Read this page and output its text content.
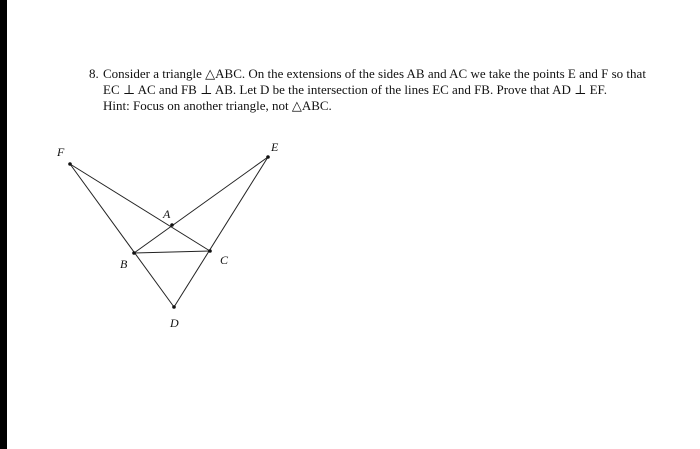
8. Consider a triangle △ABC. On the extensions of the sides AB and AC we take the points E and F so that
EC ⊥ AC and FB ⊥ AB. Let D be the intersection of the lines EC and FB. Prove that AD ⊥ EF.
Hint: Focus on another triangle, not △ABC.
F	E
A
B	C
D
